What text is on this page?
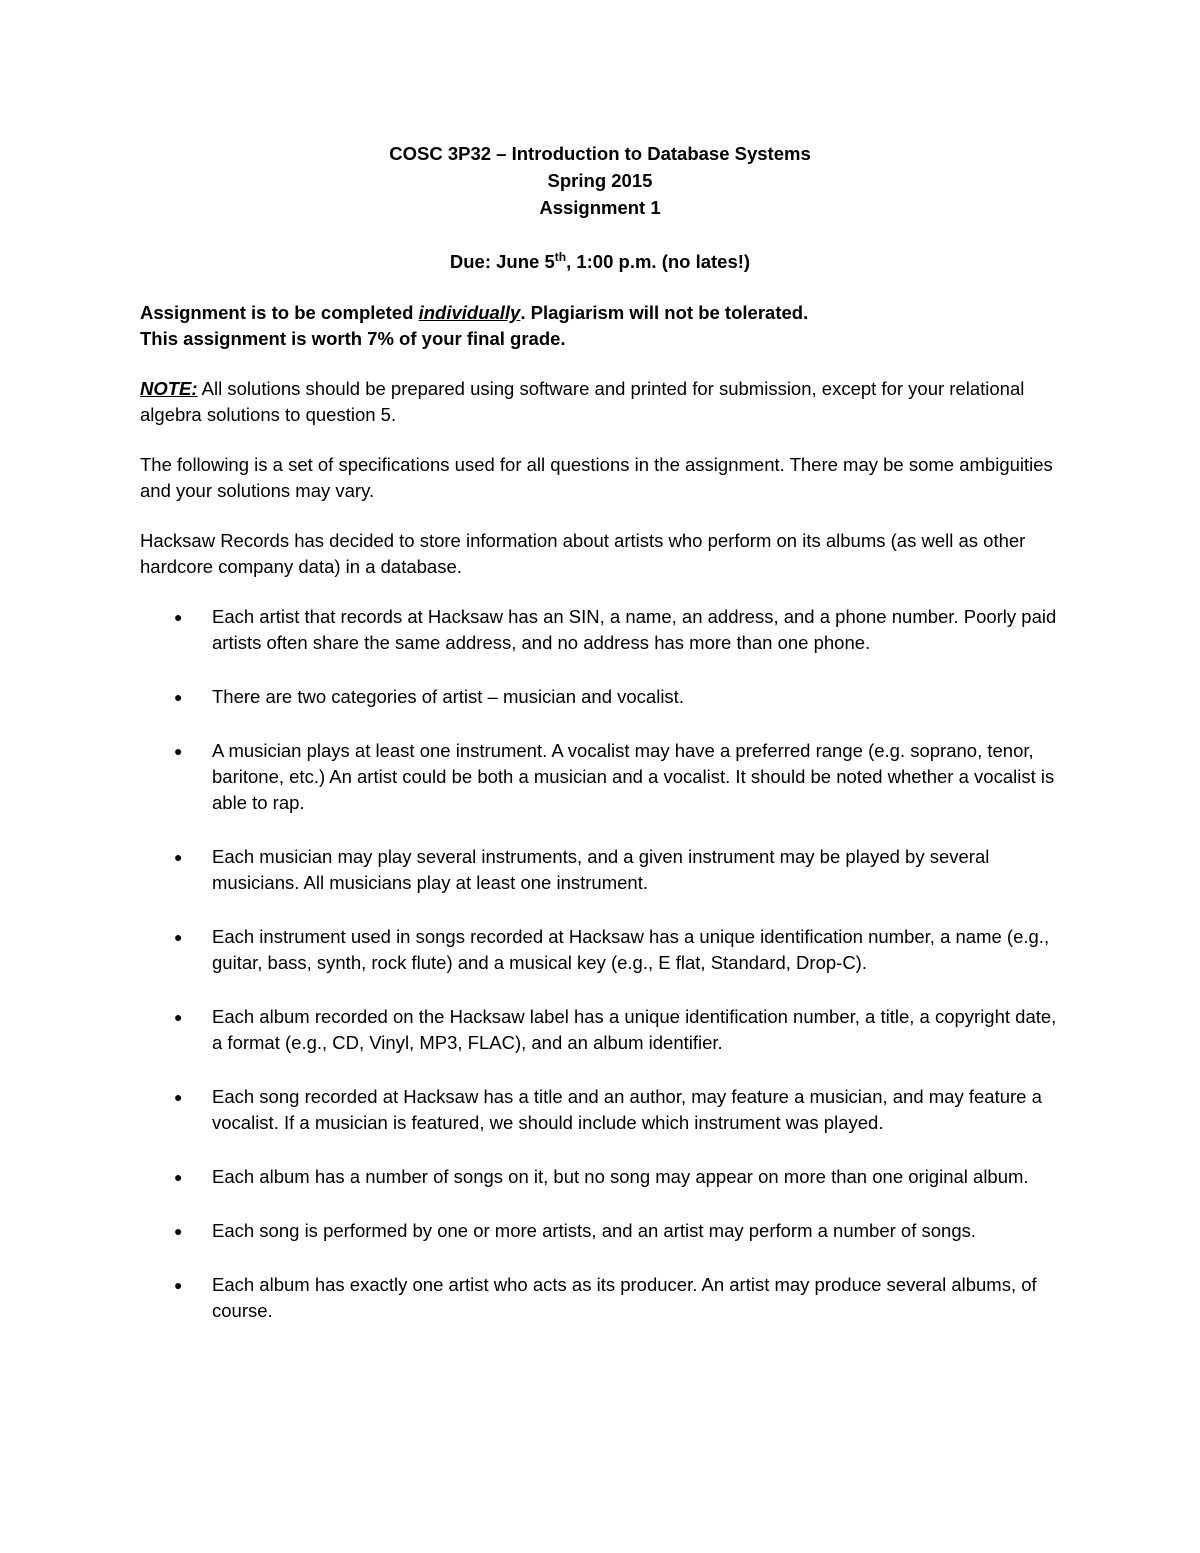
COSC 3P32 – Introduction to Database Systems
Spring 2015
Assignment 1
Due: June 5th, 1:00 p.m. (no lates!)

Assignment is to be completed individually. Plagiarism will not be tolerated.

This assignment is worth 7% of your final grade.

NOTE: All solutions should be prepared using software and printed for submission, except for your relational algebra solutions to question 5.

The following is a set of specifications used for all questions in the assignment. There may be some ambiguities and your solutions may vary.

Hacksaw Records has decided to store information about artists who perform on its albums (as well as other hardcore company data) in a database.

● Each artist that records at Hacksaw has an SIN, a name, an address, and a phone number. Poorly paid artists often share the same address, and no address has more than one phone.
● There are two categories of artist – musician and vocalist.
● A musician plays at least one instrument. A vocalist may have a preferred range (e.g. soprano, tenor, baritone, etc.) An artist could be both a musician and a vocalist. It should be noted whether a vocalist is able to rap.
● Each musician may play several instruments, and a given instrument may be played by several musicians. All musicians play at least one instrument.
● Each instrument used in songs recorded at Hacksaw has a unique identification number, a name (e.g., guitar, bass, synth, rock flute) and a musical key (e.g., E flat, Standard, Drop-C).
● Each album recorded on the Hacksaw label has a unique identification number, a title, a copyright date, a format (e.g., CD, Vinyl, MP3, FLAC), and an album identifier.
● Each song recorded at Hacksaw has a title and an author, may feature a musician, and may feature a vocalist. If a musician is featured, we should include which instrument was played.
● Each album has a number of songs on it, but no song may appear on more than one original album.
● Each song is performed by one or more artists, and an artist may perform a number of songs.
● Each album has exactly one artist who acts as its producer. An artist may produce several albums, of course.
